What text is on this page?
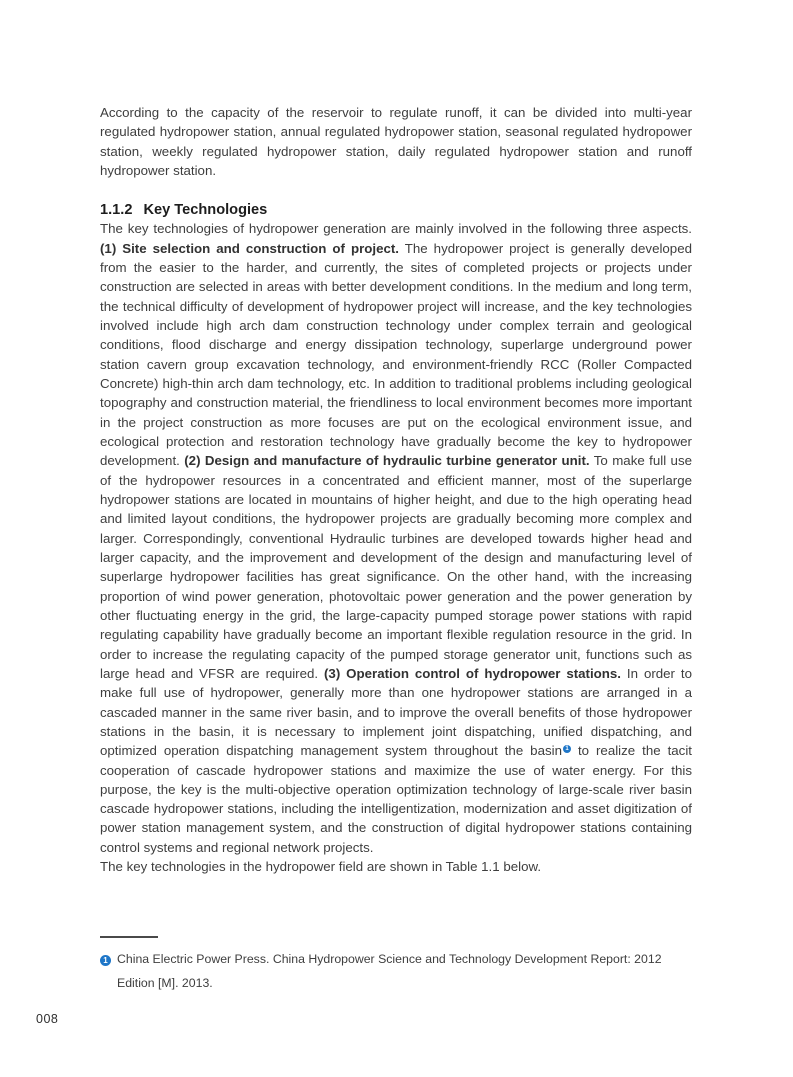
According to the capacity of the reservoir to regulate runoff, it can be divided into multi-year regulated hydropower station, annual regulated hydropower station, seasonal regulated hydropower station, weekly regulated hydropower station, daily regulated hydropower station and runoff hydropower station.

1.1.2 Key Technologies

The key technologies of hydropower generation are mainly involved in the following three aspects. (1) Site selection and construction of project. The hydropower project is generally developed from the easier to the harder, and currently, the sites of completed projects or projects under construction are selected in areas with better development conditions. In the medium and long term, the technical difficulty of development of hydropower project will increase, and the key technologies involved include high arch dam construction technology under complex terrain and geological conditions, flood discharge and energy dissipation technology, superlarge underground power station cavern group excavation technology, and environment-friendly RCC (Roller Compacted Concrete) high-thin arch dam technology, etc. In addition to traditional problems including geological topography and construction material, the friendliness to local environment becomes more important in the project construction as more focuses are put on the ecological environment issue, and ecological protection and restoration technology have gradually become the key to hydropower development. (2) Design and manufacture of hydraulic turbine generator unit. To make full use of the hydropower resources in a concentrated and efficient manner, most of the superlarge hydropower stations are located in mountains of higher height, and due to the high operating head and limited layout conditions, the hydropower projects are gradually becoming more complex and larger. Correspondingly, conventional Hydraulic turbines are developed towards higher head and larger capacity, and the improvement and development of the design and manufacturing level of superlarge hydropower facilities has great significance. On the other hand, with the increasing proportion of wind power generation, photovoltaic power generation and the power generation by other fluctuating energy in the grid, the large-capacity pumped storage power stations with rapid regulating capability have gradually become an important flexible regulation resource in the grid. In order to increase the regulating capacity of the pumped storage generator unit, functions such as large head and VFSR are required. (3) Operation control of hydropower stations. In order to make full use of hydropower, generally more than one hydropower stations are arranged in a cascaded manner in the same river basin, and to improve the overall benefits of those hydropower stations in the basin, it is necessary to implement joint dispatching, unified dispatching, and optimized operation dispatching management system throughout the basin 1 to realize the tacit cooperation of cascade hydropower stations and maximize the use of water energy. For this purpose, the key is the multi-objective operation optimization technology of large-scale river basin cascade hydropower stations, including the intelligentization, modernization and asset digitization of power station management system, and the construction of digital hydropower stations containing control systems and regional network projects.

The key technologies in the hydropower field are shown in Table 1.1 below.

1 China Electric Power Press. China Hydropower Science and Technology Development Report: 2012 Edition [M]. 2013.
008
